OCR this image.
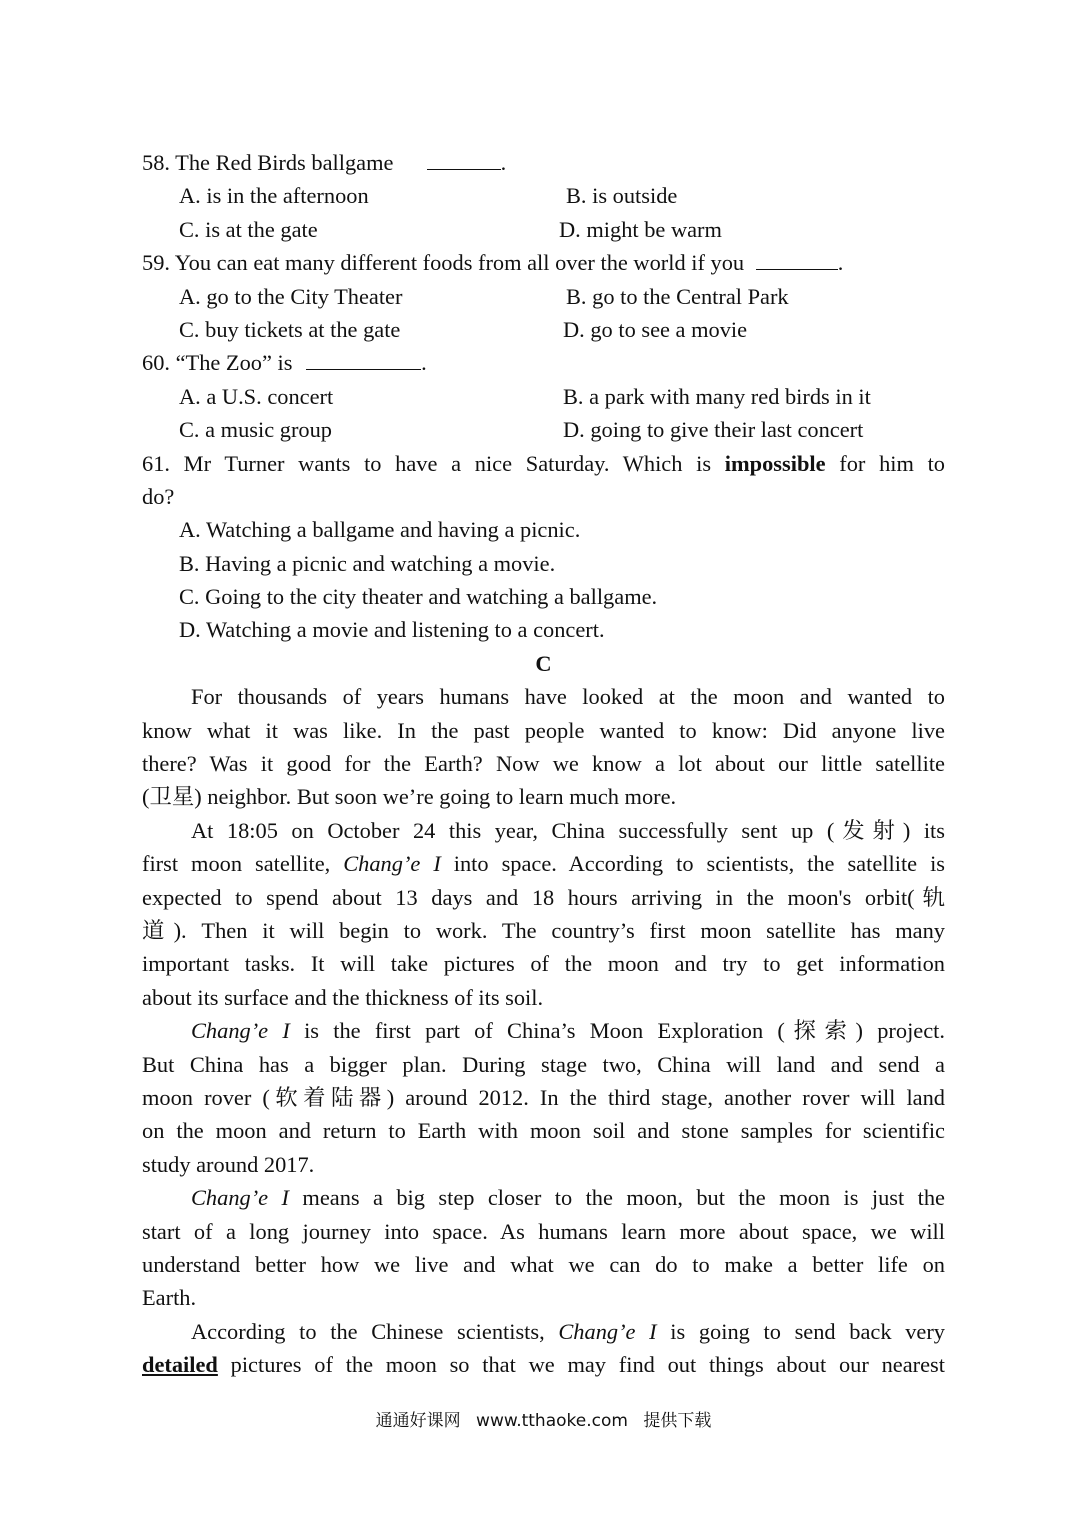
58. The Red Birds ballgame	.
A. is in the afternoon	B. is outside
C. is at the gate	D. might be warm
59. You can eat many different foods from all over the world if you	.
A. go to the City Theater	B. go to the Central Park
C. buy tickets at the gate	D. go to see a movie
60. “The Zoo” is	.
A. a U.S. concert	B. a park with many red birds in it
C. a music group	D. going to give their last concert
61. Mr Turner wants to have a nice Saturday. Which is impossible for him to
do?
A. Watching a ballgame and having a picnic.
B. Having a picnic and watching a movie.
C. Going to the city theater and watching a ballgame.
D. Watching a movie and listening to a concert.
C
For thousands of years humans have looked at the moon and wanted to
know what it was like. In the past people wanted to know: Did anyone live
there? Was it good for the Earth? Now we know a lot about our little satellite
(卫星) neighbor. But soon we’re going to learn much more.
At 18:05 on October 24 this year, China successfully sent up (发射) its
first moon satellite, Chang’e I into space. According to scientists, the satellite is
expected to spend about 13 days and 18 hours arriving in the moon's orbit(轨
道). Then it will begin to work. The country’s first moon satellite has many
important tasks. It will take pictures of the moon and try to get information
about its surface and the thickness of its soil.
Chang’e I is the first part of China’s Moon Exploration (探索) project.
But China has a bigger plan. During stage two, China will land and send a
moon rover (软着陆器) around 2012. In the third stage, another rover will land
on the moon and return to Earth with moon soil and stone samples for scientific
study around 2017.
Chang’e I means a big step closer to the moon, but the moon is just the
start of a long journey into space. As humans learn more about space, we will
understand better how we live and what we can do to make a better life on
Earth.
According to the Chinese scientists, Chang’e I is going to send back very
detailed pictures of the moon so that we may find out things about our nearest
通通好课网 www.tthaoke.com 提供下载
